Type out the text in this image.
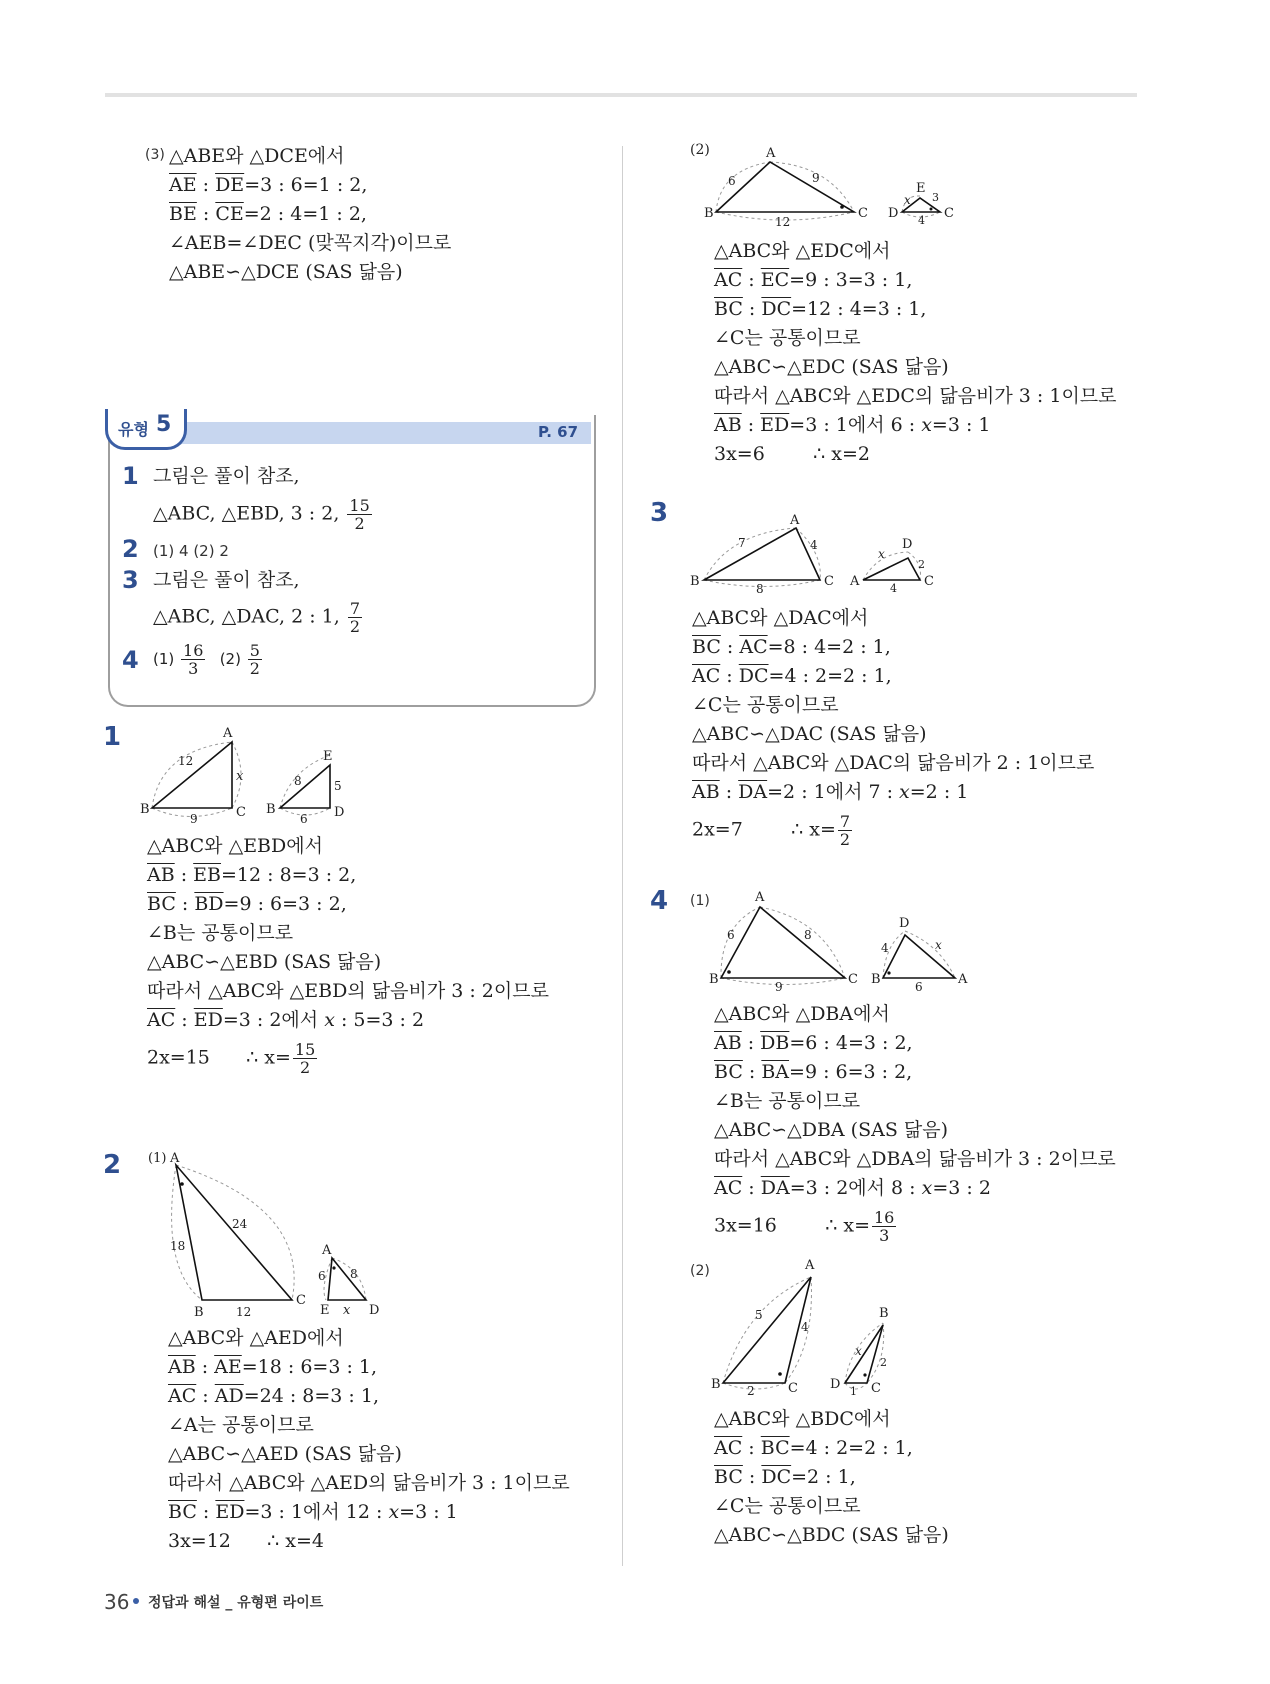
(3) △ABE와 △DCE에서
$\overline{AE}$ : $\overline{DE}=3$ : 6=1 : 2,
$\overline{BE}$ : $\overline{CE}=2$ : 4=1 : 2,
∠AEB=∠DEC (맞꼭지각)이므로
△ABE∽△DCE (SAS 닮음)
유형 5	P. 67
1 그림은 풀이 참조,
△ABC, △EBD, 3 : 2, $\frac{15}{2}$
2 (1) 4 (2) 2
3 그림은 풀이 참조,
△ABC, △DAC, 2 : 1, $\frac{7}{2}$
4 $(1) \frac{16}{3} (2) \frac{5}{2}$
1	A
B	C
12
x
9
E
B	D
8	5
6
△ABC와 △EBD에서
$\overline{AB}$ : $\overline{EB}=12$ : 8=3 : 2,
$\overline{BC}$ : $\overline{BD}=9$ : 6=3 : 2,
∠B는 공통이므로
△ABC∽△EBD (SAS 닮음)
따라서 △ABC와 △EBD의 닮음비가 3 : 2이므로
$\overline{AC}$ : $\overline{ED}=3$ : 2에서 x : 5=3 : 2
2x=15 ∴ $x= \frac{15}{2}$
2 (1) A
18
24
B	12
C
A
6 8
E x D
△ABC와 △AED에서
$\overline{AB}$ : $\overline{AE}=18$ : 6=3 : 1,
$\overline{AC}$ : $\overline{AD}=24$ : 8=3 : 1,
∠A는 공통이므로
△ABC∽△AED (SAS 닮음)
따라서 △ABC와 △AED의 닮음비가 3 : 1이므로
$\overline{BC}$ : $\overline{ED}=3$ : 1에서 12 : x=3 : 1
3x=12 ∴ x=4
(2)	A
B	C
6	9
12
E
D	C
x 3
4
△ABC와 △EDC에서
$\overline{AC}$ : $\overline{EC}=9$ : 3=3 : 1,
$\overline{BC}$ : $\overline{DC}=12$ : 4=3 : 1,
∠C는 공통이므로
△ABC∽△EDC (SAS 닮음)
따라서 △ABC와 △EDC의 닮음비가 3 : 1이므로
$\overline{AB}$ : $\overline{ED}=3$ : 1에서 6 : x=3 : 1
3x=6	∴ x=2
3	A
B	C
7	4
8
D
A	C
x
2
4
△ABC와 △DAC에서
$\overline{BC}$ : $\overline{AC}=8$ : 4=2 : 1,
$\overline{AC}$ : $\overline{DC}=4$ : 2=2 : 1,
∠C는 공통이므로
△ABC∽△DAC (SAS 닮음)
따라서 △ABC와 △DAC의 닮음비가 2 : 1이므로
$\overline{AB}$ : $\overline{DA}=2$ : 1에서 7 : x=2 : 1
2x=7	∴ $x= \frac{7}{2}$
4 (1)	A
B	C
6	8
9
D
B	A
4	x
6
△ABC와 △DBA에서
$\overline{AB}$ : $\overline{DB}=6$ : 4=3 : 2,
$\overline{BC}$ : $\overline{BA}=9$ : 6=3 : 2,
∠B는 공통이므로
△ABC∽△DBA (SAS 닮음)
따라서 △ABC와 △DBA의 닮음비가 3 : 2이므로
$\overline{AC}$ : $\overline{DA}=3$ : 2에서 8 : x=3 : 2
3x=16	∴ $x= \frac{16}{3}$
(2)	A
B	C
5
4
2
B
D C
x
2
1
△ABC와 △BDC에서
$\overline{AC}$ : $\overline{BC}=4$ : 2=2 : 1,
$\overline{BC}$ : $\overline{DC}=2$ : 1,
∠C는 공통이므로
△ABC∽△BDC (SAS 닮음)
36 정답과 해설 _ 유형편 라이트
